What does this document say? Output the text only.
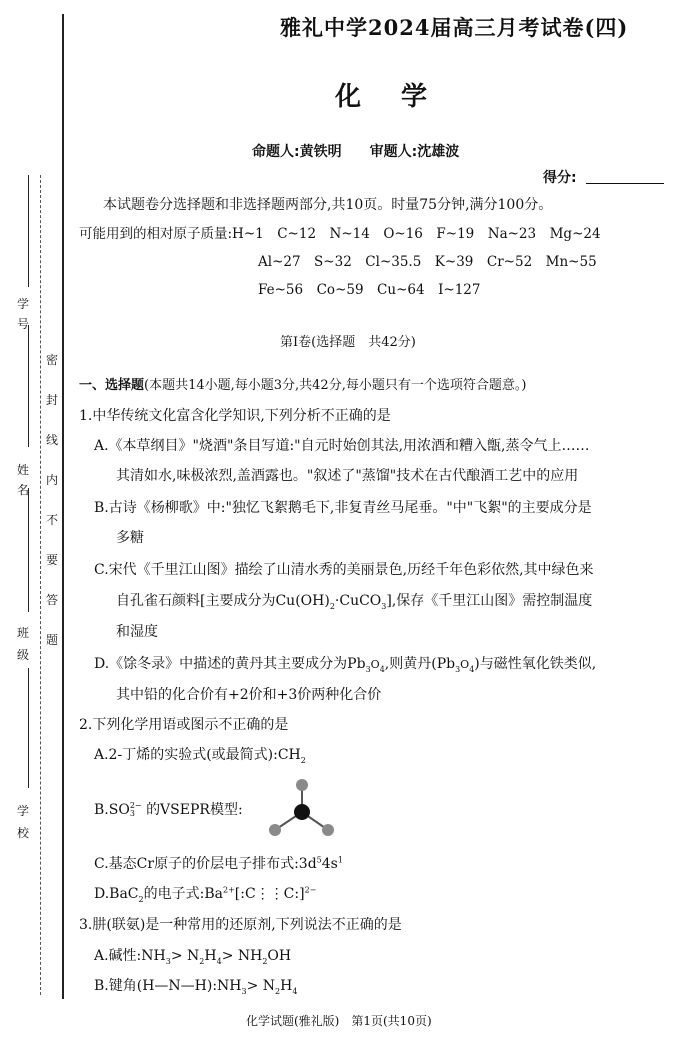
学号
姓名
班级
学校
密封线内不要答题
雅礼中学2024届高三月考试卷(四)
化学
命题人:黄铁明　　审题人:沈雄波
得分:
本试题卷分选择题和非选择题两部分,共10页。时量75分钟,满分100分。
可能用到的相对原子质量:H~1　C~12　N~14　O~16　F~19　Na~23　Mg~24
Al~27　S~32　Cl~35.5　K~39　Cr~52　Mn~55
Fe~56　Co~59　Cu~64　I~127
第Ⅰ卷(选择题　共42分)
一、选择题(本题共14小题,每小题3分,共42分,每小题只有一个选项符合题意。)
1.中华传统文化富含化学知识,下列分析不正确的是
A.《本草纲目》"烧酒"条目写道:"自元时始创其法,用浓酒和糟入甑,蒸令气上……
其清如水,味极浓烈,盖酒露也。"叙述了"蒸馏"技术在古代酿酒工艺中的应用
B.古诗《杨柳歌》中:"独忆飞絮鹅毛下,非复青丝马尾垂。"中"飞絮"的主要成分是
多糖
C.宋代《千里江山图》描绘了山清水秀的美丽景色,历经千年色彩依然,其中绿色来
自孔雀石颜料[主要成分为$Cu(OH)_2\cdot CuCO_3$],保存《千里江山图》需控制温度
和湿度
D.《馀冬录》中描述的黄丹其主要成分为$Pb_3O_4$,则黄丹$(Pb_3O_4)$与磁性氧化铁类似,
其中铅的化合价有+2价和+3价两种化合价
2.下列化学用语或图示不正确的是
A.2-丁烯的实验式(或最简式)$:CH_2$
B.SO 2−
3 的VSEPR模型:
C.基态Cr原子的价层电子排布式$:3d^54s^1$
D.BaC$_2$的电子式$:Ba^{2+}[:C⋮⋮C:]^{2-}$
3.肼(联氨)是一种常用的还原剂,下列说法不正确的是
A.碱性$:NH_3> N_2H_4> NH_2OH$
B.键角$(H—N—H):NH_3> N_2H_4$
化学试题(雅礼版)　第1页(共10页)
